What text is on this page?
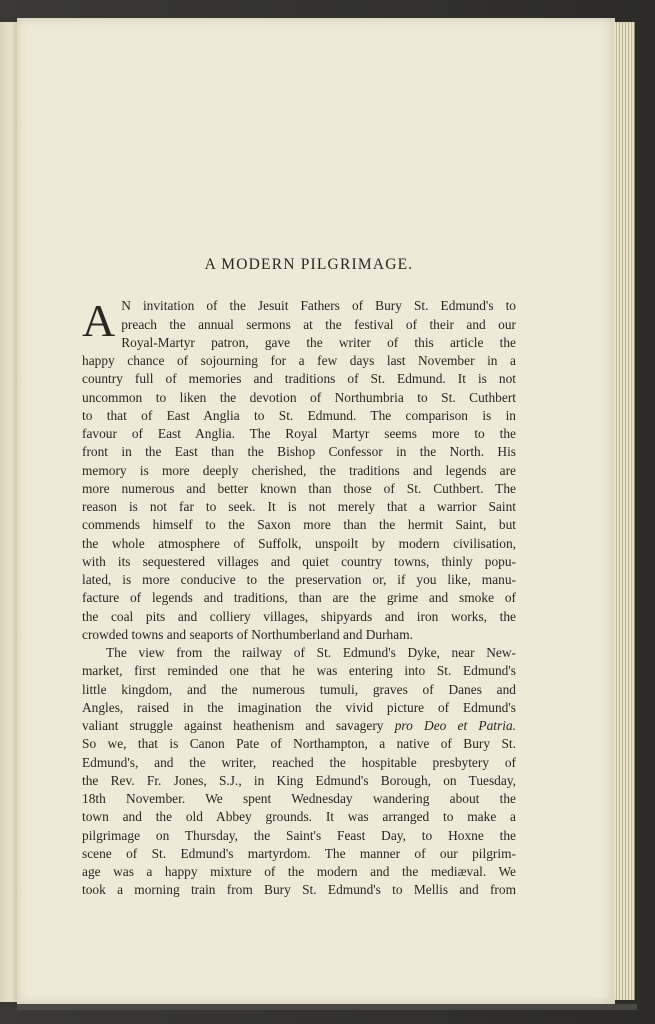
A MODERN PILGRIMAGE.
A N invitation of the Jesuit Fathers of Bury St. Edmund's to
preach the annual sermons at the festival of their and our
Royal-Martyr patron, gave the writer of this article the
happy chance of sojourning for a few days last November in a
country full of memories and traditions of St. Edmund. It is not
uncommon to liken the devotion of Northumbria to St. Cuthbert
to that of East Anglia to St. Edmund. The comparison is in
favour of East Anglia. The Royal Martyr seems more to the
front in the East than the Bishop Confessor in the North. His
memory is more deeply cherished, the traditions and legends are
more numerous and better known than those of St. Cuthbert. The
reason is not far to seek. It is not merely that a warrior Saint
commends himself to the Saxon more than the hermit Saint, but
the whole atmosphere of Suffolk, unspoilt by modern civilisation,
with its sequestered villages and quiet country towns, thinly popu-
lated, is more conducive to the preservation or, if you like, manu-
facture of legends and traditions, than are the grime and smoke of
the coal pits and colliery villages, shipyards and iron works, the
crowded towns and seaports of Northumberland and Durham.
The view from the railway of St. Edmund's Dyke, near New-
market, first reminded one that he was entering into St. Edmund's
little kingdom, and the numerous tumuli, graves of Danes and
Angles, raised in the imagination the vivid picture of Edmund's
valiant struggle against heathenism and savagery pro Deo et Patria.
So we, that is Canon Pate of Northampton, a native of Bury St.
Edmund's, and the writer, reached the hospitable presbytery of
the Rev. Fr. Jones, S.J., in King Edmund's Borough, on Tuesday,
18th November. We spent Wednesday wandering about the
town and the old Abbey grounds. It was arranged to make a
pilgrimage on Thursday, the Saint's Feast Day, to Hoxne the
scene of St. Edmund's martyrdom. The manner of our pilgrim-
age was a happy mixture of the modern and the mediæval. We
took a morning train from Bury St. Edmund's to Mellis and from
